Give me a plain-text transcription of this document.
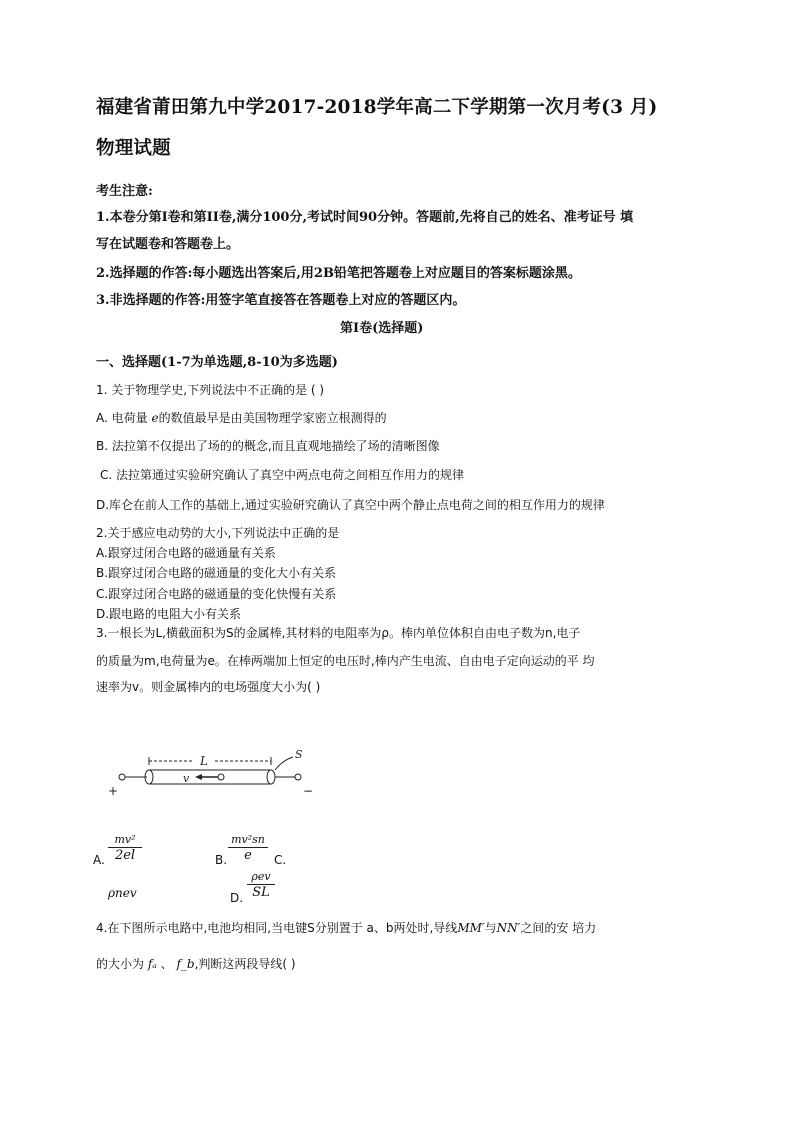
福建省莆田第九中学2017-2018学年高二下学期第一次月考(3 月)
物理试题
考生注意:
1.本卷分第I卷和第II卷,满分100分,考试时间90分钟。答题前,先将自己的姓名、准考证号 填
写在试题卷和答题卷上。
2.选择题的作答:每小题选出答案后,用2B铅笔把答题卷上对应题目的答案标题涂黑。
3.非选择题的作答:用签字笔直接答在答题卷上对应的答题区内。
第I卷(选择题)
一、选择题(1-7为单选题,8-10为多选题)
1. 关于物理学史,下列说法中不正确的是 ( )
A. 电荷量 e的数值最早是由美国物理学家密立根测得的
B. 法拉第不仅提出了场的的概念,而且直观地描绘了场的清晰图像
C. 法拉第通过实验研究确认了真空中两点电荷之间相互作用力的规律
D.库仑在前人工作的基础上,通过实验研究确认了真空中两个静止点电荷之间的相互作用力的规律
2.关于感应电动势的大小,下列说法中正确的是
A.跟穿过闭合电路的磁通量有关系
B.跟穿过闭合电路的磁通量的变化大小有关系
C.跟穿过闭合电路的磁通量的变化快慢有关系
D.跟电路的电阻大小有关系
3.一根长为L,横截面积为S的金属棒,其材料的电阻率为ρ。棒内单位体积自由电子数为n,电子
的质量为m,电荷量为e。在棒两端加上恒定的电压时,棒内产生电流、自由电子定向运动的平 均
速率为v。则金属棒内的电场强度大小为( )
L	S
v
+	−
A.
mv²
2el	B.
mv²sn
e	C.
ρnev	D.
ρev
SL
4.在下图所示电路中,电池均相同,当电键S分别置于 a、b两处时,导线MM′与NN′之间的安 培力
的大小为 fₐ 、 f_b,判断这两段导线( )
